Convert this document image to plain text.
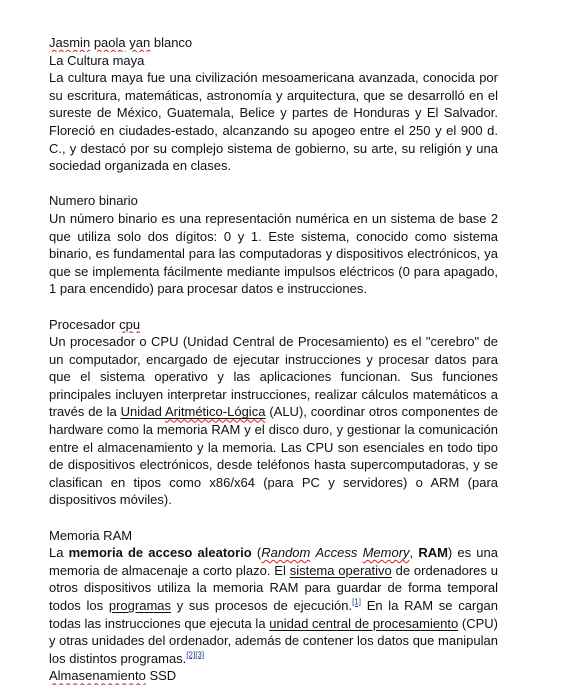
Jasmin paola yan blanco
La Cultura maya
La cultura maya fue una civilización mesoamericana avanzada, conocida por su escritura, matemáticas, astronomía y arquitectura, que se desarrolló en el sureste de México, Guatemala, Belice y partes de Honduras y El Salvador. Floreció en ciudades-estado, alcanzando su apogeo entre el 250 y el 900 d. C., y destacó por su complejo sistema de gobierno, su arte, su religión y una sociedad organizada en clases.
Numero binario
Un número binario es una representación numérica en un sistema de base 2 que utiliza solo dos dígitos: 0 y 1. Este sistema, conocido como sistema binario, es fundamental para las computadoras y dispositivos electrónicos, ya que se implementa fácilmente mediante impulsos eléctricos (0 para apagado, 1 para encendido) para procesar datos e instrucciones.
Procesador cpu
Un procesador o CPU (Unidad Central de Procesamiento) es el "cerebro" de un computador, encargado de ejecutar instrucciones y procesar datos para que el sistema operativo y las aplicaciones funcionan. Sus funciones principales incluyen interpretar instrucciones, realizar cálculos matemáticos a través de la Unidad Aritmético-Lógica (ALU), coordinar otros componentes de hardware como la memoria RAM y el disco duro, y gestionar la comunicación entre el almacenamiento y la memoria. Las CPU son esenciales en todo tipo de dispositivos electrónicos, desde teléfonos hasta supercomputadoras, y se clasifican en tipos como x86/x64 (para PC y servidores) o ARM (para dispositivos móviles).
Memoria RAM
La memoria de acceso aleatorio (Random Access Memory, RAM) es una memoria de almacenaje a corto plazo. El sistema operativo de ordenadores u otros dispositivos utiliza la memoria RAM para guardar de forma temporal todos los programas y sus procesos de ejecución.[1] En la RAM se cargan todas las instrucciones que ejecuta la unidad central de procesamiento (CPU) y otras unidades del ordenador, además de contener los datos que manipulan los distintos programas.[2][3]
Almasenamiento SSD
